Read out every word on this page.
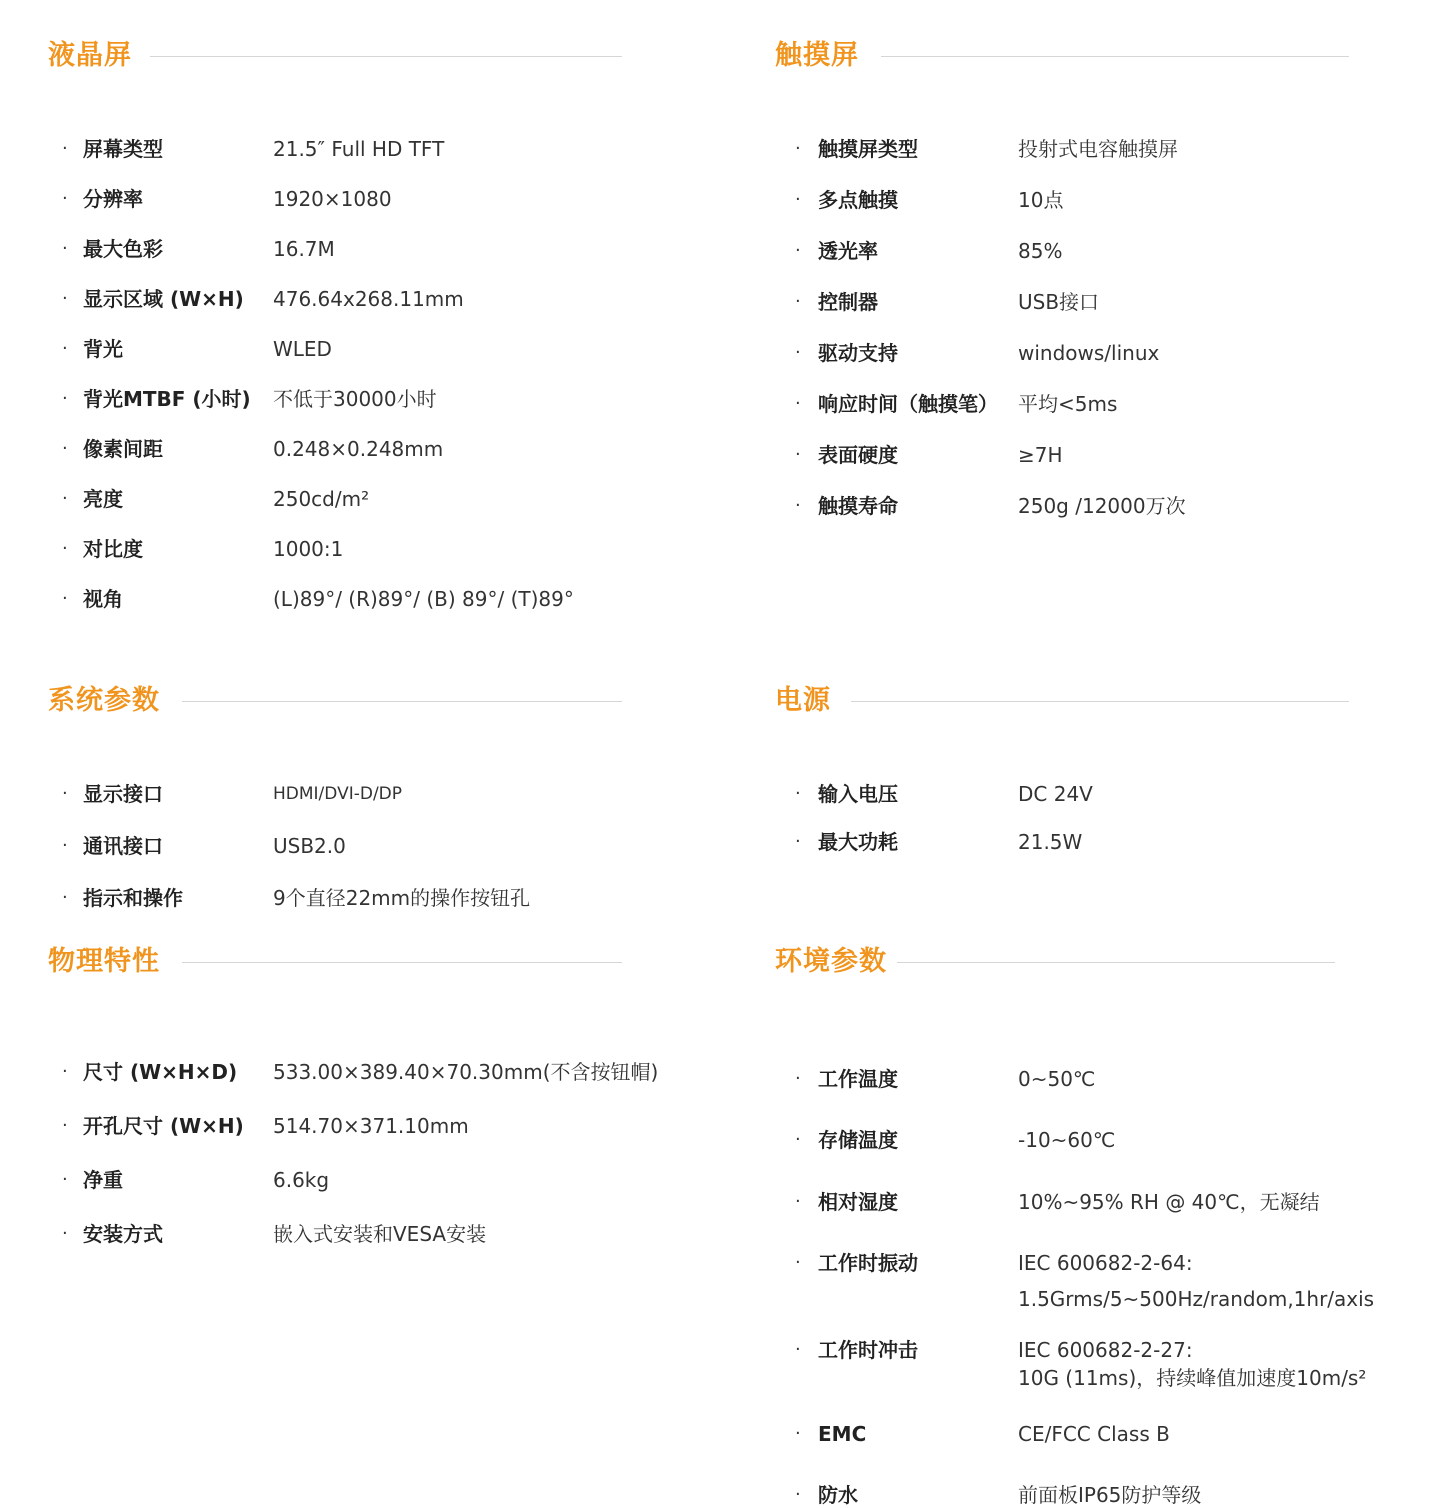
液晶屏
· 屏幕类型	21.5″ Full HD TFT
· 分辨率	1920×1080
· 最大色彩	16.7M
· 显示区域 (W×H) 476.64x268.11mm
· 背光	WLED
· 背光MTBF (小时) 不低于30000小时
· 像素间距	0.248×0.248mm
· 亮度	250cd/m²
· 对比度	1000:1
· 视角	(L)89°/ (R)89°/ (B) 89°/ (T)89°
触摸屏
· 触摸屏类型	投射式电容触摸屏
· 多点触摸	10点
· 透光率	85%
· 控制器	USB接口
· 驱动支持	windows/linux
· 响应时间（触摸笔） 平均<5ms
· 表面硬度	≥7H
· 触摸寿命	250g /12000万次
系统参数
· 显示接口	HDMI/DVI-D/DP
· 通讯接口	USB2.0
· 指示和操作	9个直径22mm的操作按钮孔
电源
· 输入电压	DC 24V
· 最大功耗	21.5W
物理特性
· 尺寸 (W×H×D) 533.00×389.40×70.30mm(不含按钮帽)
· 开孔尺寸 (W×H) 514.70×371.10mm
· 净重	6.6kg
· 安装方式	嵌入式安装和VESA安装
环境参数
· 工作温度	0~50℃
· 存储温度	-10~60℃
· 相对湿度	10%~95% RH @ 40℃，无凝结
· 工作时振动	IEC 600682-2-64:
1.5Grms/5~500Hz/random,1hr/axis
· 工作时冲击	IEC 600682-2-27:
10G (11ms)，持续峰值加速度10m/s²
· EMC	CE/FCC Class B
· 防水	前面板IP65防护等级
